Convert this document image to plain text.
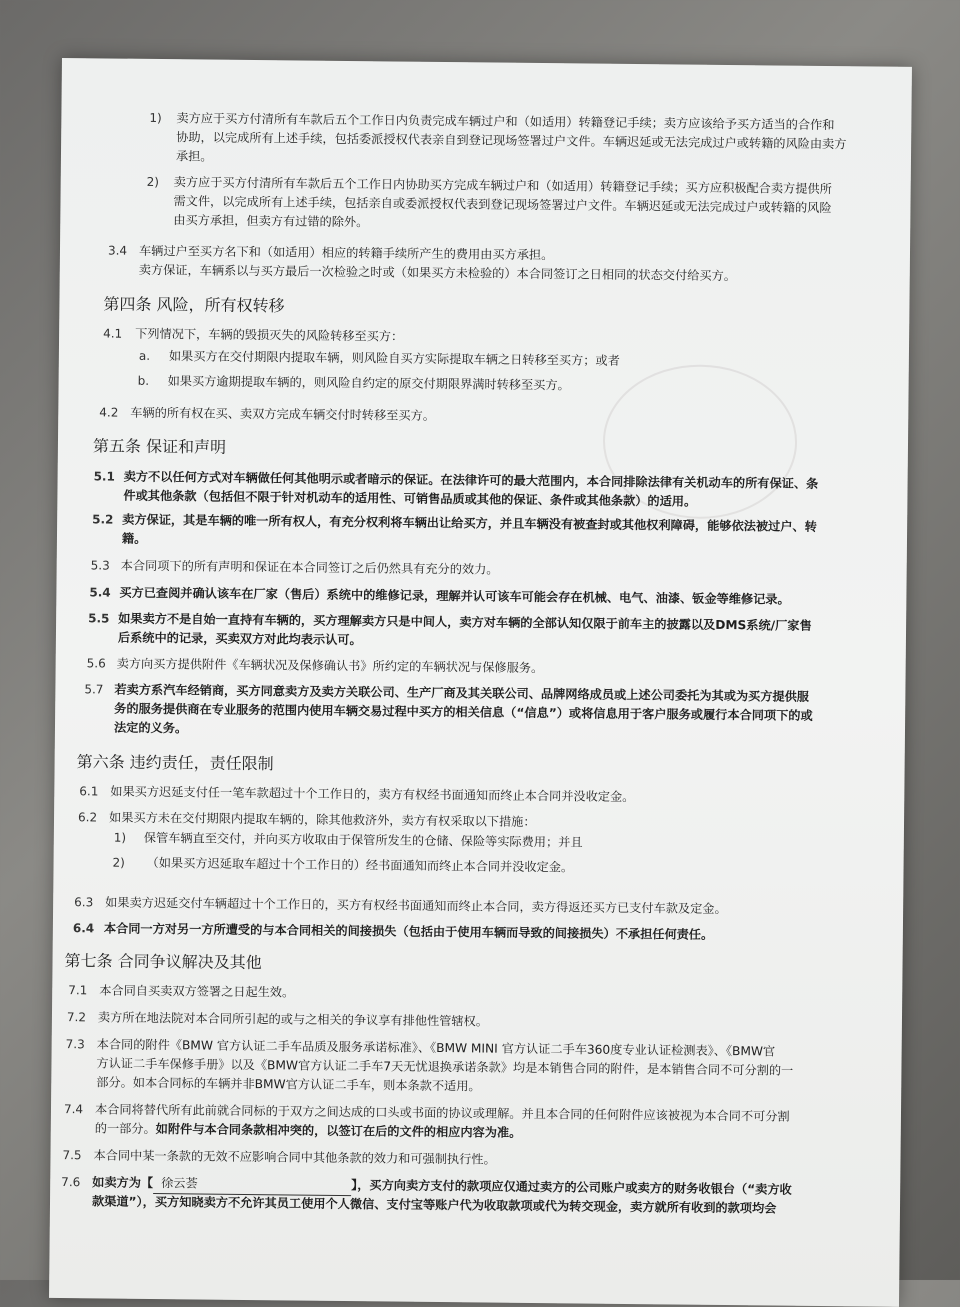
1) 卖方应于买方付清所有车款后五个工作日内负责完成车辆过户和（如适用）转籍登记手续；卖方应该给予买方适当的合作和
协助，以完成所有上述手续，包括委派授权代表亲自到登记现场签署过户文件。车辆迟延或无法完成过户或转籍的风险由卖方
承担。
2) 卖方应于买方付清所有车款后五个工作日内协助买方完成车辆过户和（如适用）转籍登记手续；买方应积极配合卖方提供所
需文件，以完成所有上述手续，包括亲自或委派授权代表到登记现场签署过户文件。车辆迟延或无法完成过户或转籍的风险
由买方承担，但卖方有过错的除外。
3.4 车辆过户至买方名下和（如适用）相应的转籍手续所产生的费用由买方承担。
卖方保证，车辆系以与买方最后一次检验之时或（如果买方未检验的）本合同签订之日相同的状态交付给买方。
第四条 风险，所有权转移
4.1 下列情况下，车辆的毁损灭失的风险转移至买方：
a. 如果买方在交付期限内提取车辆，则风险自买方实际提取车辆之日转移至买方；或者
b. 如果买方逾期提取车辆的，则风险自约定的原交付期限界满时转移至买方。
4.2 车辆的所有权在买、卖双方完成车辆交付时转移至买方。
第五条 保证和声明
5.1 卖方不以任何方式对车辆做任何其他明示或者暗示的保证。在法律许可的最大范围内，本合同排除法律有关机动车的所有保证、条
件或其他条款（包括但不限于针对机动车的适用性、可销售品质或其他的保证、条件或其他条款）的适用。
5.2 卖方保证，其是车辆的唯一所有权人，有充分权利将车辆出让给买方，并且车辆没有被查封或其他权利障碍，能够依法被过户、转
籍。
5.3 本合同项下的所有声明和保证在本合同签订之后仍然具有充分的效力。
5.4 买方已查阅并确认该车在厂家（售后）系统中的维修记录，理解并认可该车可能会存在机械、电气、油漆、钣金等维修记录。
5.5 如果卖方不是自始一直持有车辆的，买方理解卖方只是中间人，卖方对车辆的全部认知仅限于前车主的披露以及DMS系统/厂家售
后系统中的记录，买卖双方对此均表示认可。
5.6 卖方向买方提供附件《车辆状况及保修确认书》所约定的车辆状况与保修服务。
5.7 若卖方系汽车经销商，买方同意卖方及卖方关联公司、生产厂商及其关联公司、品牌网络成员或上述公司委托为其或为买方提供服
务的服务提供商在专业服务的范围内使用车辆交易过程中买方的相关信息（“信息”）或将信息用于客户服务或履行本合同项下的或
法定的义务。
第六条 违约责任，责任限制
6.1 如果买方迟延支付任一笔车款超过十个工作日的，卖方有权经书面通知而终止本合同并没收定金。
6.2 如果买方未在交付期限内提取车辆的，除其他救济外，卖方有权采取以下措施：
1) 保管车辆直至交付，并向买方收取由于保管所发生的仓储、保险等实际费用；并且
2) （如果买方迟延取车超过十个工作日的）经书面通知而终止本合同并没收定金。
6.3 如果卖方迟延交付车辆超过十个工作日的，买方有权经书面通知而终止本合同，卖方得返还买方已支付车款及定金。
6.4 本合同一方对另一方所遭受的与本合同相关的间接损失（包括由于使用车辆而导致的间接损失）不承担任何责任。
第七条 合同争议解决及其他
7.1 本合同自买卖双方签署之日起生效。
7.2 卖方所在地法院对本合同所引起的或与之相关的争议享有排他性管辖权。
7.3 本合同的附件《BMW 官方认证二手车品质及服务承诺标准》、《BMW MINI 官方认证二手车360度专业认证检测表》、《BMW官
方认证二手车保修手册》以及《BMW官方认证二手车7天无忧退换承诺条款》均是本销售合同的附件，是本销售合同不可分割的一
部分。如本合同标的车辆并非BMW官方认证二手车，则本条款不适用。
7.4 本合同将替代所有此前就合同标的于双方之间达成的口头或书面的协议或理解。并且本合同的任何附件应该被视为本合同不可分割
的一部分。如附件与本合同条款相冲突的，以签订在后的文件的相应内容为准。
7.5 本合同中某一条款的无效不应影响合同中其他条款的效力和可强制执行性。
7.6 如卖方为【 徐云荟	】，买方向卖方支付的款项应仅通过卖方的公司账户或卖方的财务收银台（“卖方收
款渠道”），买方知晓卖方不允许其员工使用个人微信、支付宝等账户代为收取款项或代为转交现金，卖方就所有收到的款项均会
